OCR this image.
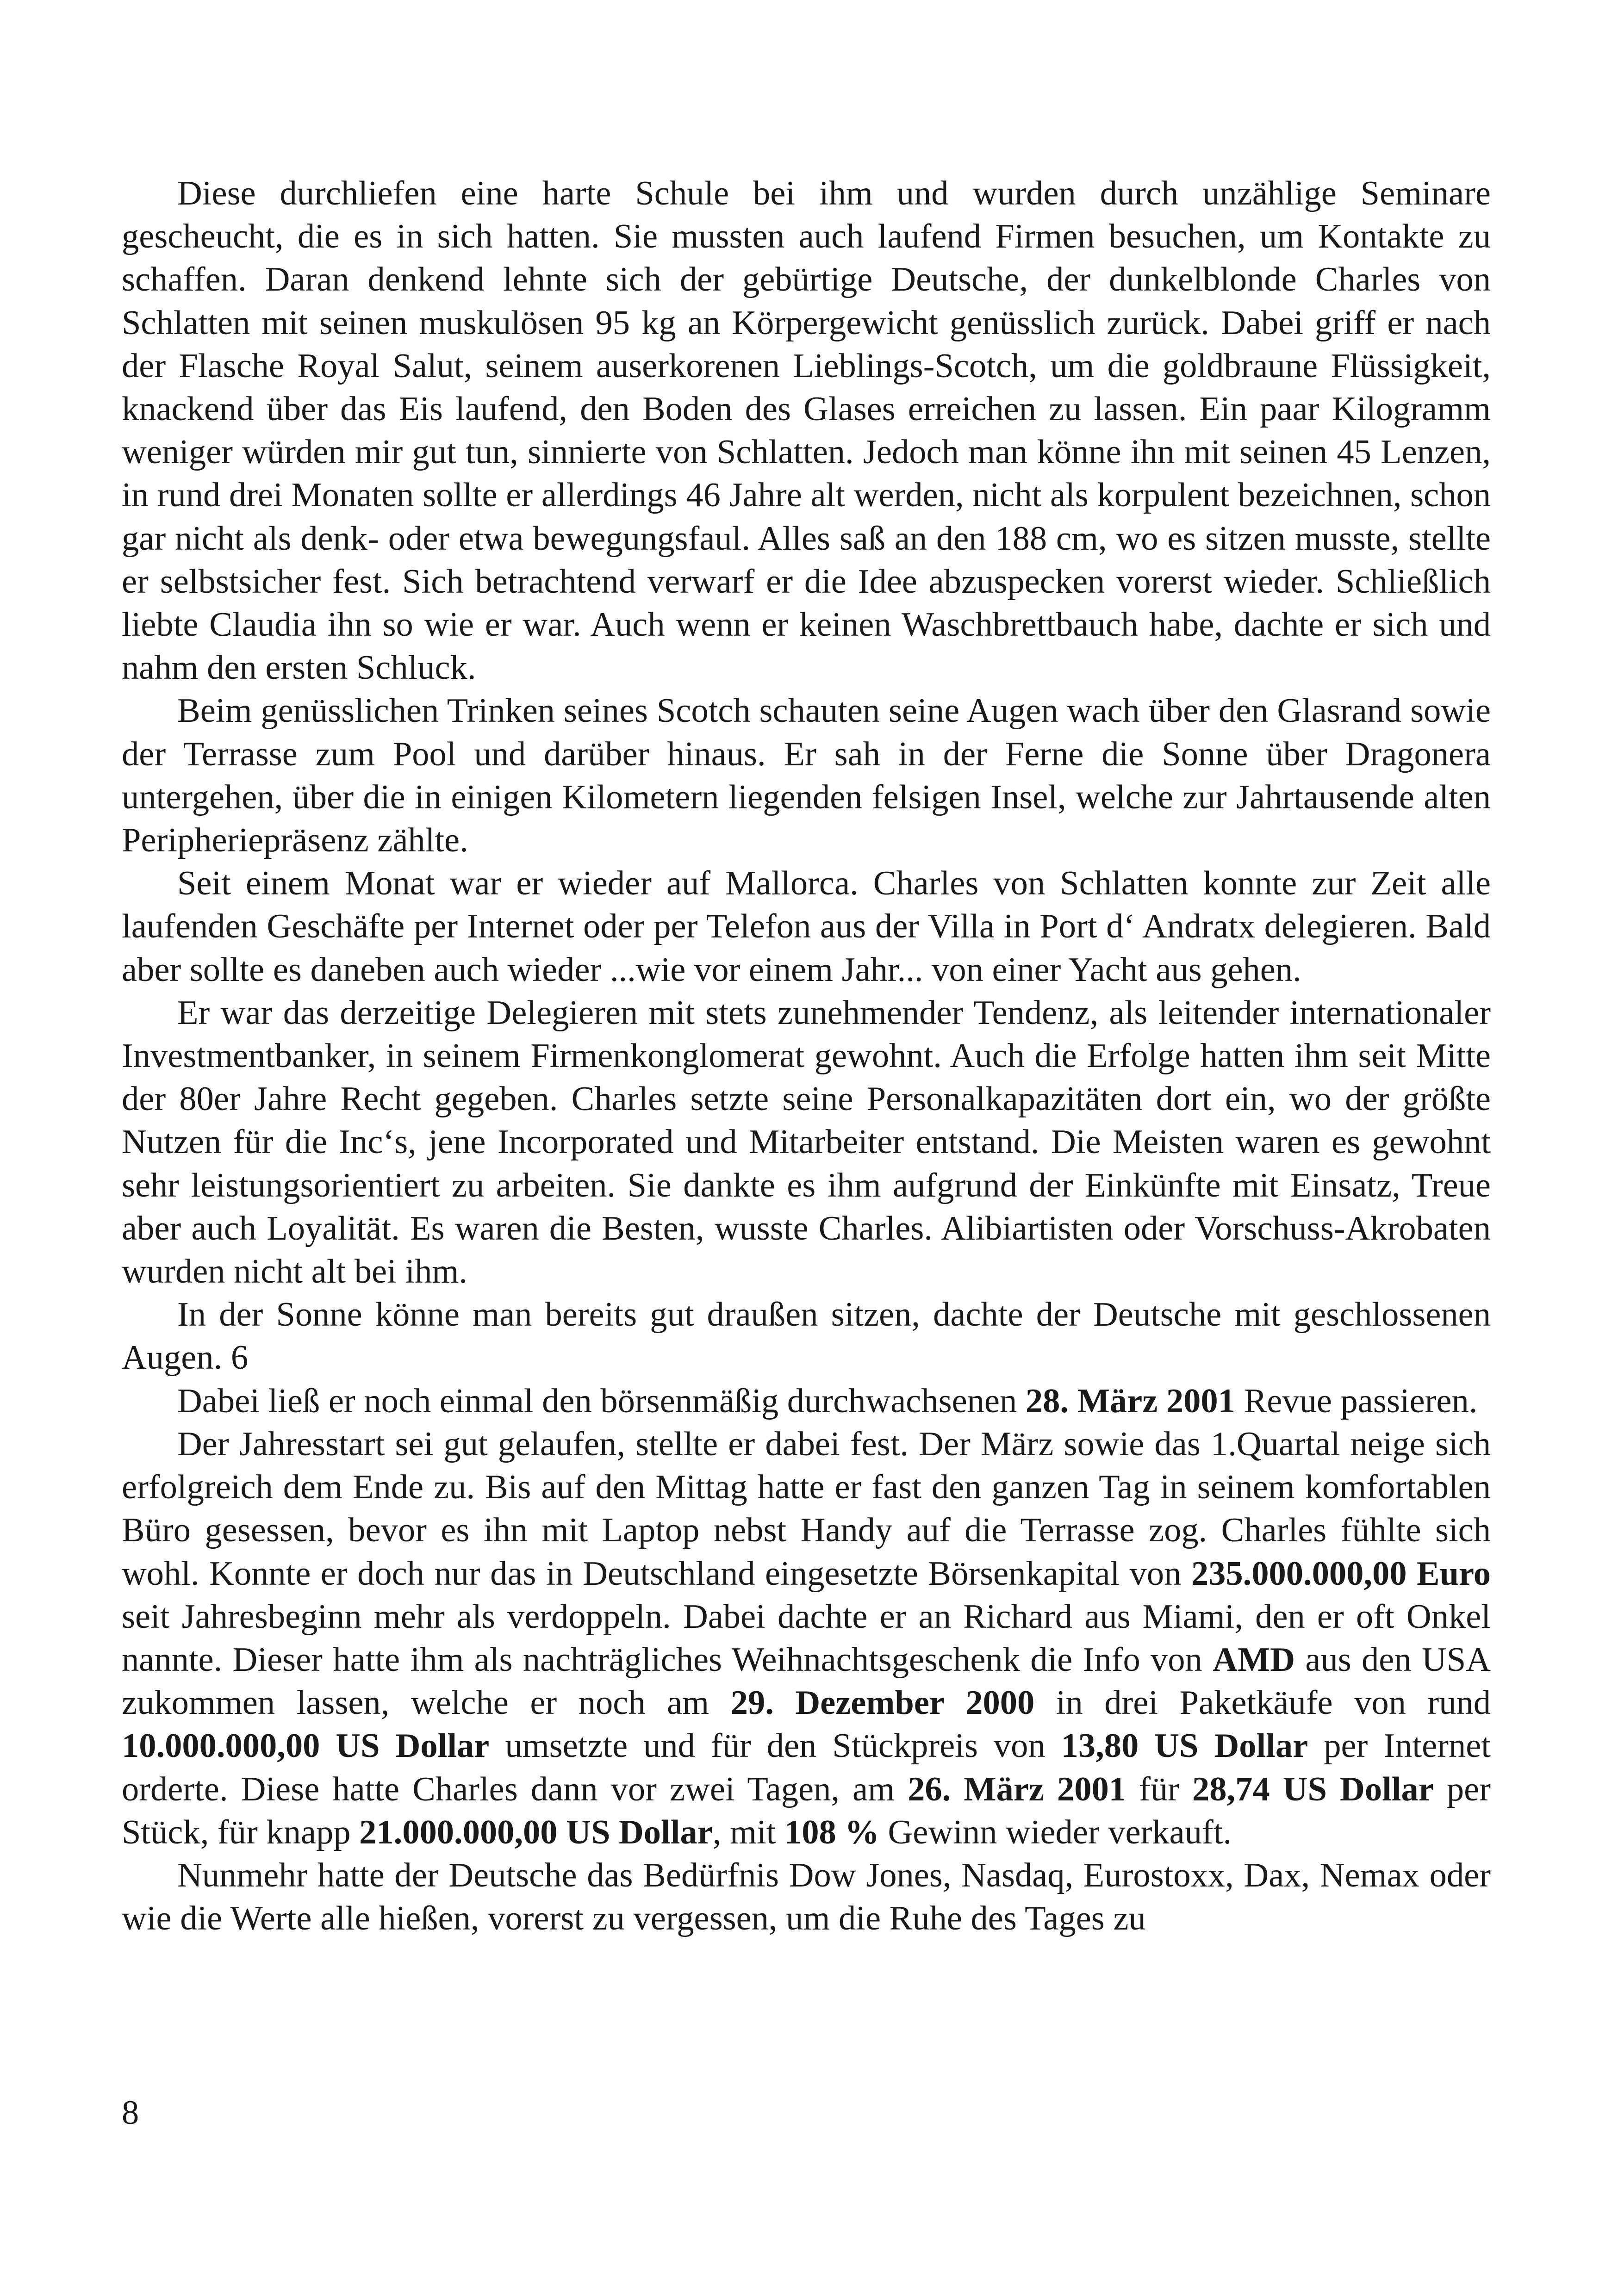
Diese durchliefen eine harte Schule bei ihm und wurden durch unzählige Seminare gescheucht, die es in sich hatten. Sie mussten auch laufend Firmen besuchen, um Kontakte zu schaffen. Daran denkend lehnte sich der gebürtige Deutsche, der dunkelblonde Charles von Schlatten mit seinen muskulösen 95 kg an Körpergewicht genüsslich zurück. Dabei griff er nach der Flasche Royal Salut, seinem auserkorenen Lieblings-Scotch, um die goldbraune Flüssigkeit, knackend über das Eis laufend, den Boden des Glases erreichen zu lassen. Ein paar Kilogramm weniger würden mir gut tun, sinnierte von Schlatten. Jedoch man könne ihn mit seinen 45 Lenzen, in rund drei Monaten sollte er allerdings 46 Jahre alt werden, nicht als korpulent bezeichnen, schon gar nicht als denk- oder etwa bewegungsfaul. Alles saß an den 188 cm, wo es sitzen musste, stellte er selbstsicher fest. Sich betrachtend verwarf er die Idee abzuspecken vorerst wieder. Schließlich liebte Claudia ihn so wie er war. Auch wenn er keinen Waschbrettbauch habe, dachte er sich und nahm den ersten Schluck.

Beim genüsslichen Trinken seines Scotch schauten seine Augen wach über den Glasrand sowie der Terrasse zum Pool und darüber hinaus. Er sah in der Ferne die Sonne über Dragonera untergehen, über die in einigen Kilometern liegenden felsigen Insel, welche zur Jahrtausende alten Peripheriepräsenz zählte.

Seit einem Monat war er wieder auf Mallorca. Charles von Schlatten konnte zur Zeit alle laufenden Geschäfte per Internet oder per Telefon aus der Villa in Port d‘ Andratx delegieren. Bald aber sollte es daneben auch wieder ...wie vor einem Jahr... von einer Yacht aus gehen.

Er war das derzeitige Delegieren mit stets zunehmender Tendenz, als leitender internationaler Investmentbanker, in seinem Firmenkonglomerat gewohnt. Auch die Erfolge hatten ihm seit Mitte der 80er Jahre Recht gegeben. Charles setzte seine Personalkapazitäten dort ein, wo der größte Nutzen für die Inc‘s, jene Incorporated und Mitarbeiter entstand. Die Meisten waren es gewohnt sehr leistungsorientiert zu arbeiten. Sie dankte es ihm aufgrund der Einkünfte mit Einsatz, Treue aber auch Loyalität. Es waren die Besten, wusste Charles. Alibiartisten oder Vorschuss-Akrobaten wurden nicht alt bei ihm.

In der Sonne könne man bereits gut draußen sitzen, dachte der Deutsche mit geschlossenen Augen. 6

Dabei ließ er noch einmal den börsenmäßig durchwachsenen 28. März 2001 Revue passieren.

Der Jahresstart sei gut gelaufen, stellte er dabei fest. Der März sowie das 1.Quartal neige sich erfolgreich dem Ende zu. Bis auf den Mittag hatte er fast den ganzen Tag in seinem komfortablen Büro gesessen, bevor es ihn mit Laptop nebst Handy auf die Terrasse zog. Charles fühlte sich wohl. Konnte er doch nur das in Deutschland eingesetzte Börsenkapital von 235.000.000,00 Euro seit Jahresbeginn mehr als verdoppeln. Dabei dachte er an Richard aus Miami, den er oft Onkel nannte. Dieser hatte ihm als nachträgliches Weihnachtsgeschenk die Info von AMD aus den USA zukommen lassen, welche er noch am 29. Dezember 2000 in drei Paketkäufe von rund 10.000.000,00 US Dollar umsetzte und für den Stückpreis von 13,80 US Dollar per Internet orderte. Diese hatte Charles dann vor zwei Tagen, am 26. März 2001 für 28,74 US Dollar per Stück, für knapp 21.000.000,00 US Dollar, mit 108 % Gewinn wieder verkauft.

Nunmehr hatte der Deutsche das Bedürfnis Dow Jones, Nasdaq, Eurostoxx, Dax, Nemax oder wie die Werte alle hießen, vorerst zu vergessen, um die Ruhe des Tages zu

8
